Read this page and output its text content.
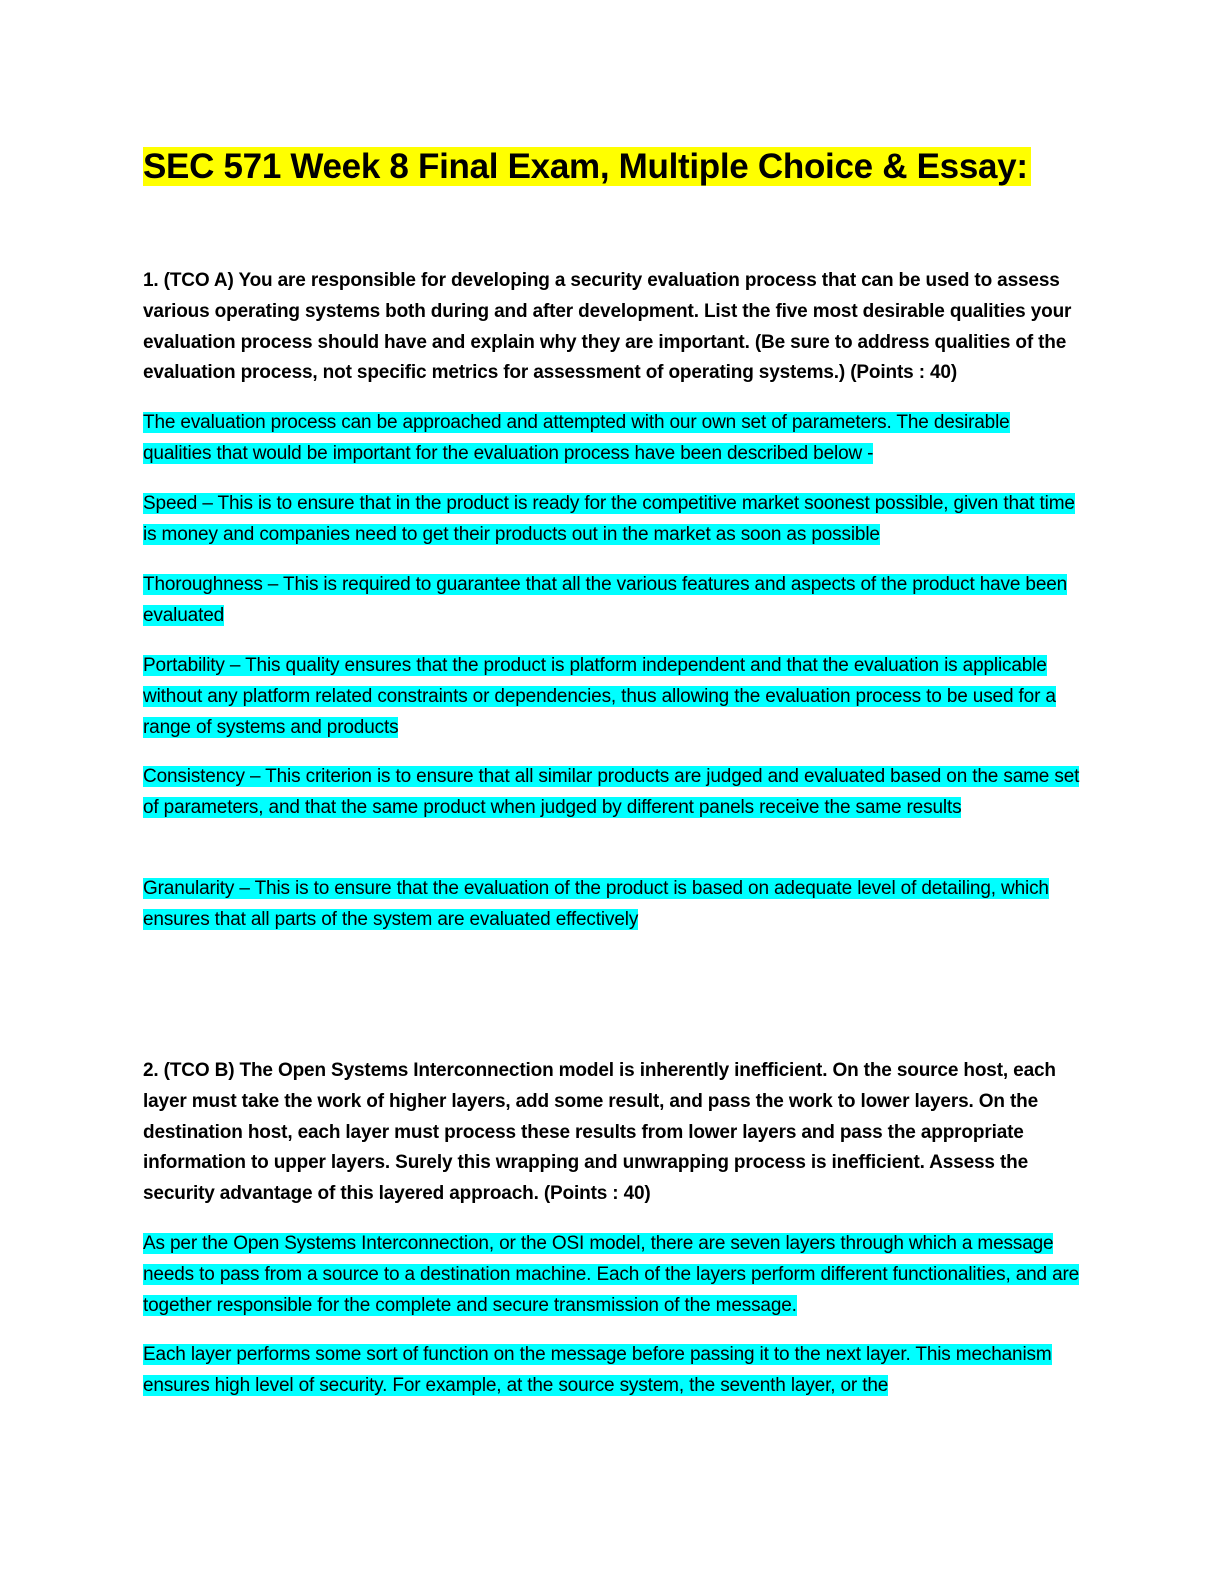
SEC 571 Week 8 Final Exam, Multiple Choice & Essay:

1. (TCO A) You are responsible for developing a security evaluation process that can be used to assess various operating systems both during and after development. List the five most desirable qualities your evaluation process should have and explain why they are important. (Be sure to address qualities of the evaluation process, not specific metrics for assessment of operating systems.) (Points : 40)

The evaluation process can be approached and attempted with our own set of parameters. The desirable qualities that would be important for the evaluation process have been described below -

Speed – This is to ensure that in the product is ready for the competitive market soonest possible, given that time is money and companies need to get their products out in the market as soon as possible

Thoroughness – This is required to guarantee that all the various features and aspects of the product have been evaluated

Portability – This quality ensures that the product is platform independent and that the evaluation is applicable without any platform related constraints or dependencies, thus allowing the evaluation process to be used for a range of systems and products

Consistency – This criterion is to ensure that all similar products are judged and evaluated based on the same set of parameters, and that the same product when judged by different panels receive the same results

Granularity – This is to ensure that the evaluation of the product is based on adequate level of detailing, which ensures that all parts of the system are evaluated effectively

2. (TCO B) The Open Systems Interconnection model is inherently inefficient. On the source host, each layer must take the work of higher layers, add some result, and pass the work to lower layers. On the destination host, each layer must process these results from lower layers and pass the appropriate information to upper layers. Surely this wrapping and unwrapping process is inefficient. Assess the security advantage of this layered approach. (Points : 40)

As per the Open Systems Interconnection, or the OSI model, there are seven layers through which a message needs to pass from a source to a destination machine. Each of the layers perform different functionalities, and are together responsible for the complete and secure transmission of the message.

Each layer performs some sort of function on the message before passing it to the next layer. This mechanism ensures high level of security. For example, at the source system, the seventh layer, or the
